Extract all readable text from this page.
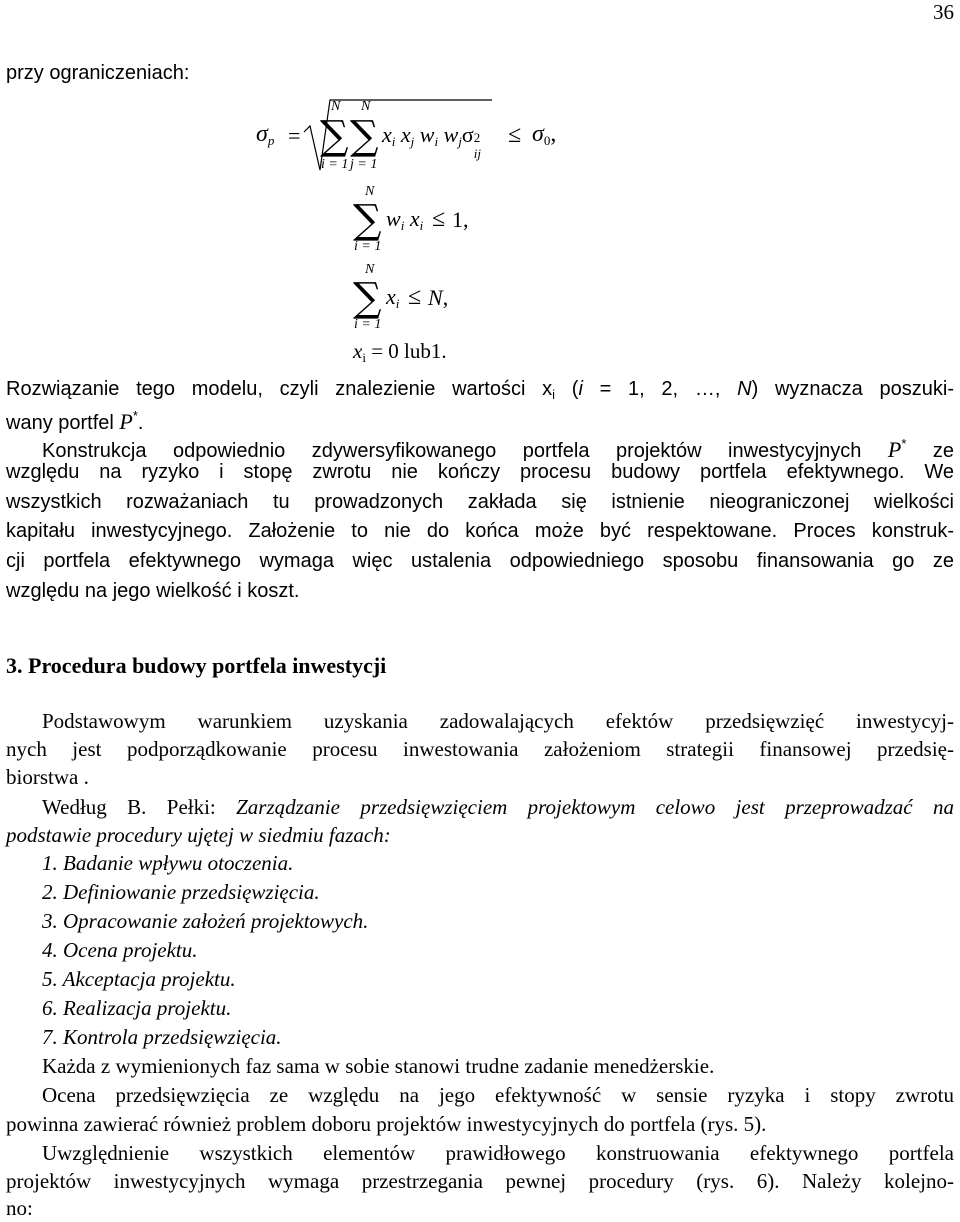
36
przy ograniczeniach:
$\sigma_p$ =
N
∑
i = 1
N
∑
j = 1
$x_i$ $x_j$ $w_i$ $w_j\sigma$ 2
ij
≤ $\sigma_0$,
N
∑
i = 1
$w_i$ $x_i \le 1$,
N
∑
i = 1
$x_i \le N$,
$x_i = 0$ lub1.
Rozwiązanie tego modelu, czyli znalezienie wartości $x_i$ (i = 1, 2, …, N) wyznacza poszuki-
wany portfel P*.
Konstrukcja odpowiednio zdywersyfikowanego portfela projektów inwestycyjnych P* ze
względu na ryzyko i stopę zwrotu nie kończy procesu budowy portfela efektywnego. We
wszystkich rozważaniach tu prowadzonych zakłada się istnienie nieograniczonej wielkości
kapitału inwestycyjnego. Założenie to nie do końca może być respektowane. Proces konstruk-
cji portfela efektywnego wymaga więc ustalenia odpowiedniego sposobu finansowania go ze
względu na jego wielkość i koszt.
3. Procedura budowy portfela inwestycji
Podstawowym warunkiem uzyskania zadowalających efektów przedsięwzięć inwestycyj-
nych jest podporządkowanie procesu inwestowania założeniom strategii finansowej przedsię-
biorstwa .
Według B. Pełki: Zarządzanie przedsięwzięciem projektowym celowo jest przeprowadzać na
podstawie procedury ujętej w siedmiu fazach:
1. Badanie wpływu otoczenia.
2. Definiowanie przedsięwzięcia.
3. Opracowanie założeń projektowych.
4. Ocena projektu.
5. Akceptacja projektu.
6. Realizacja projektu.
7. Kontrola przedsięwzięcia.
Każda z wymienionych faz sama w sobie stanowi trudne zadanie menedżerskie.
Ocena przedsięwzięcia ze względu na jego efektywność w sensie ryzyka i stopy zwrotu
powinna zawierać również problem doboru projektów inwestycyjnych do portfela (rys. 5).
Uwzględnienie wszystkich elementów prawidłowego konstruowania efektywnego portfela
projektów inwestycyjnych wymaga przestrzegania pewnej procedury (rys. 6). Należy kolejno-
no:
